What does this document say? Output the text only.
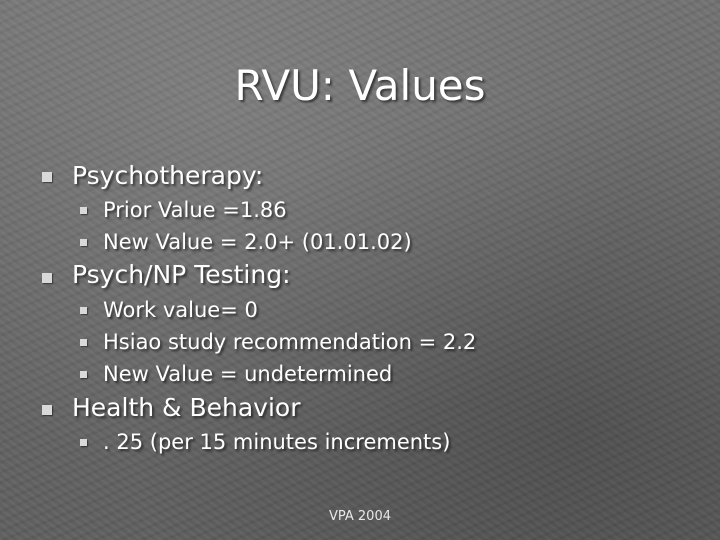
RVU: Values
Psychotherapy:
Prior Value =1.86
New Value = 2.0+ (01.01.02)
Psych/NP Testing:
Work value= 0
Hsiao study recommendation = 2.2
New Value = undetermined
Health & Behavior
. 25 (per 15 minutes increments)
VPA 2004
